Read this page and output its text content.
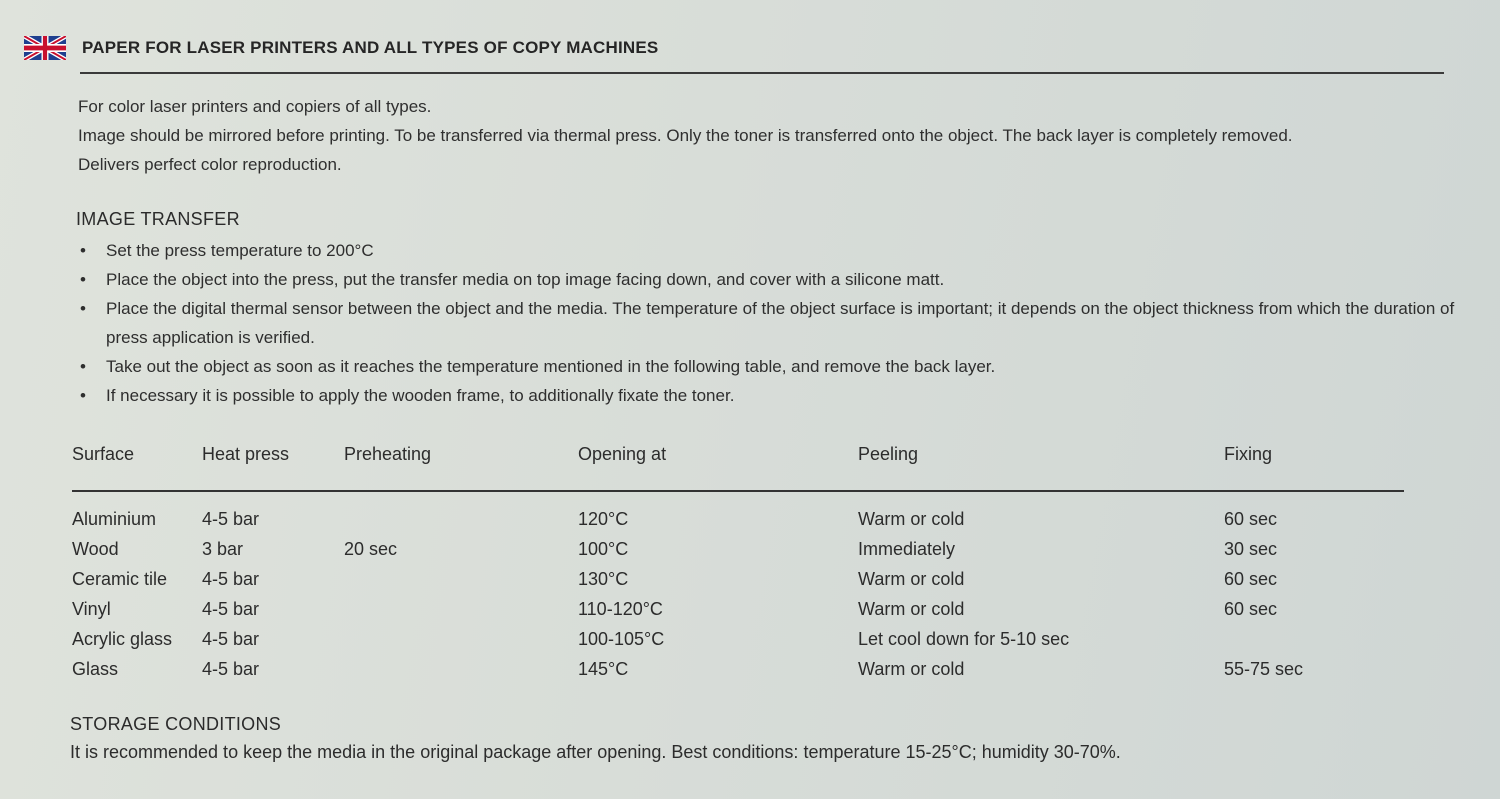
PAPER FOR LASER PRINTERS AND ALL TYPES OF COPY MACHINES
For color laser printers and copiers of all types.
Image should be mirrored before printing. To be transferred via thermal press. Only the toner is transferred onto the object. The back layer is completely removed.
Delivers perfect color reproduction.
IMAGE TRANSFER
• Set the press temperature to 200°C
• Place the object into the press, put the transfer media on top image facing down, and cover with a silicone matt.
• Place the digital thermal sensor between the object and the media. The temperature of the object surface is important; it depends on the object thickness from which the duration of press application is verified.
• Take out the object as soon as it reaches the temperature mentioned in the following table, and remove the back layer.
• If necessary it is possible to apply the wooden frame, to additionally fixate the toner.
Surface	Heat press	Preheating	Opening at	Peeling	Fixing
Aluminium	4-5 bar		120°C	Warm or cold	60 sec
Wood	3 bar	20 sec	100°C	Immediately	30 sec
Ceramic tile	4-5 bar		130°C	Warm or cold	60 sec
Vinyl	4-5 bar		110-120°C	Warm or cold	60 sec
Acrylic glass	4-5 bar		100-105°C	Let cool down for 5-10 sec	
Glass	4-5 bar		145°C	Warm or cold	55-75 sec
STORAGE CONDITIONS
It is recommended to keep the media in the original package after opening. Best conditions: temperature 15-25°C; humidity 30-70%.
